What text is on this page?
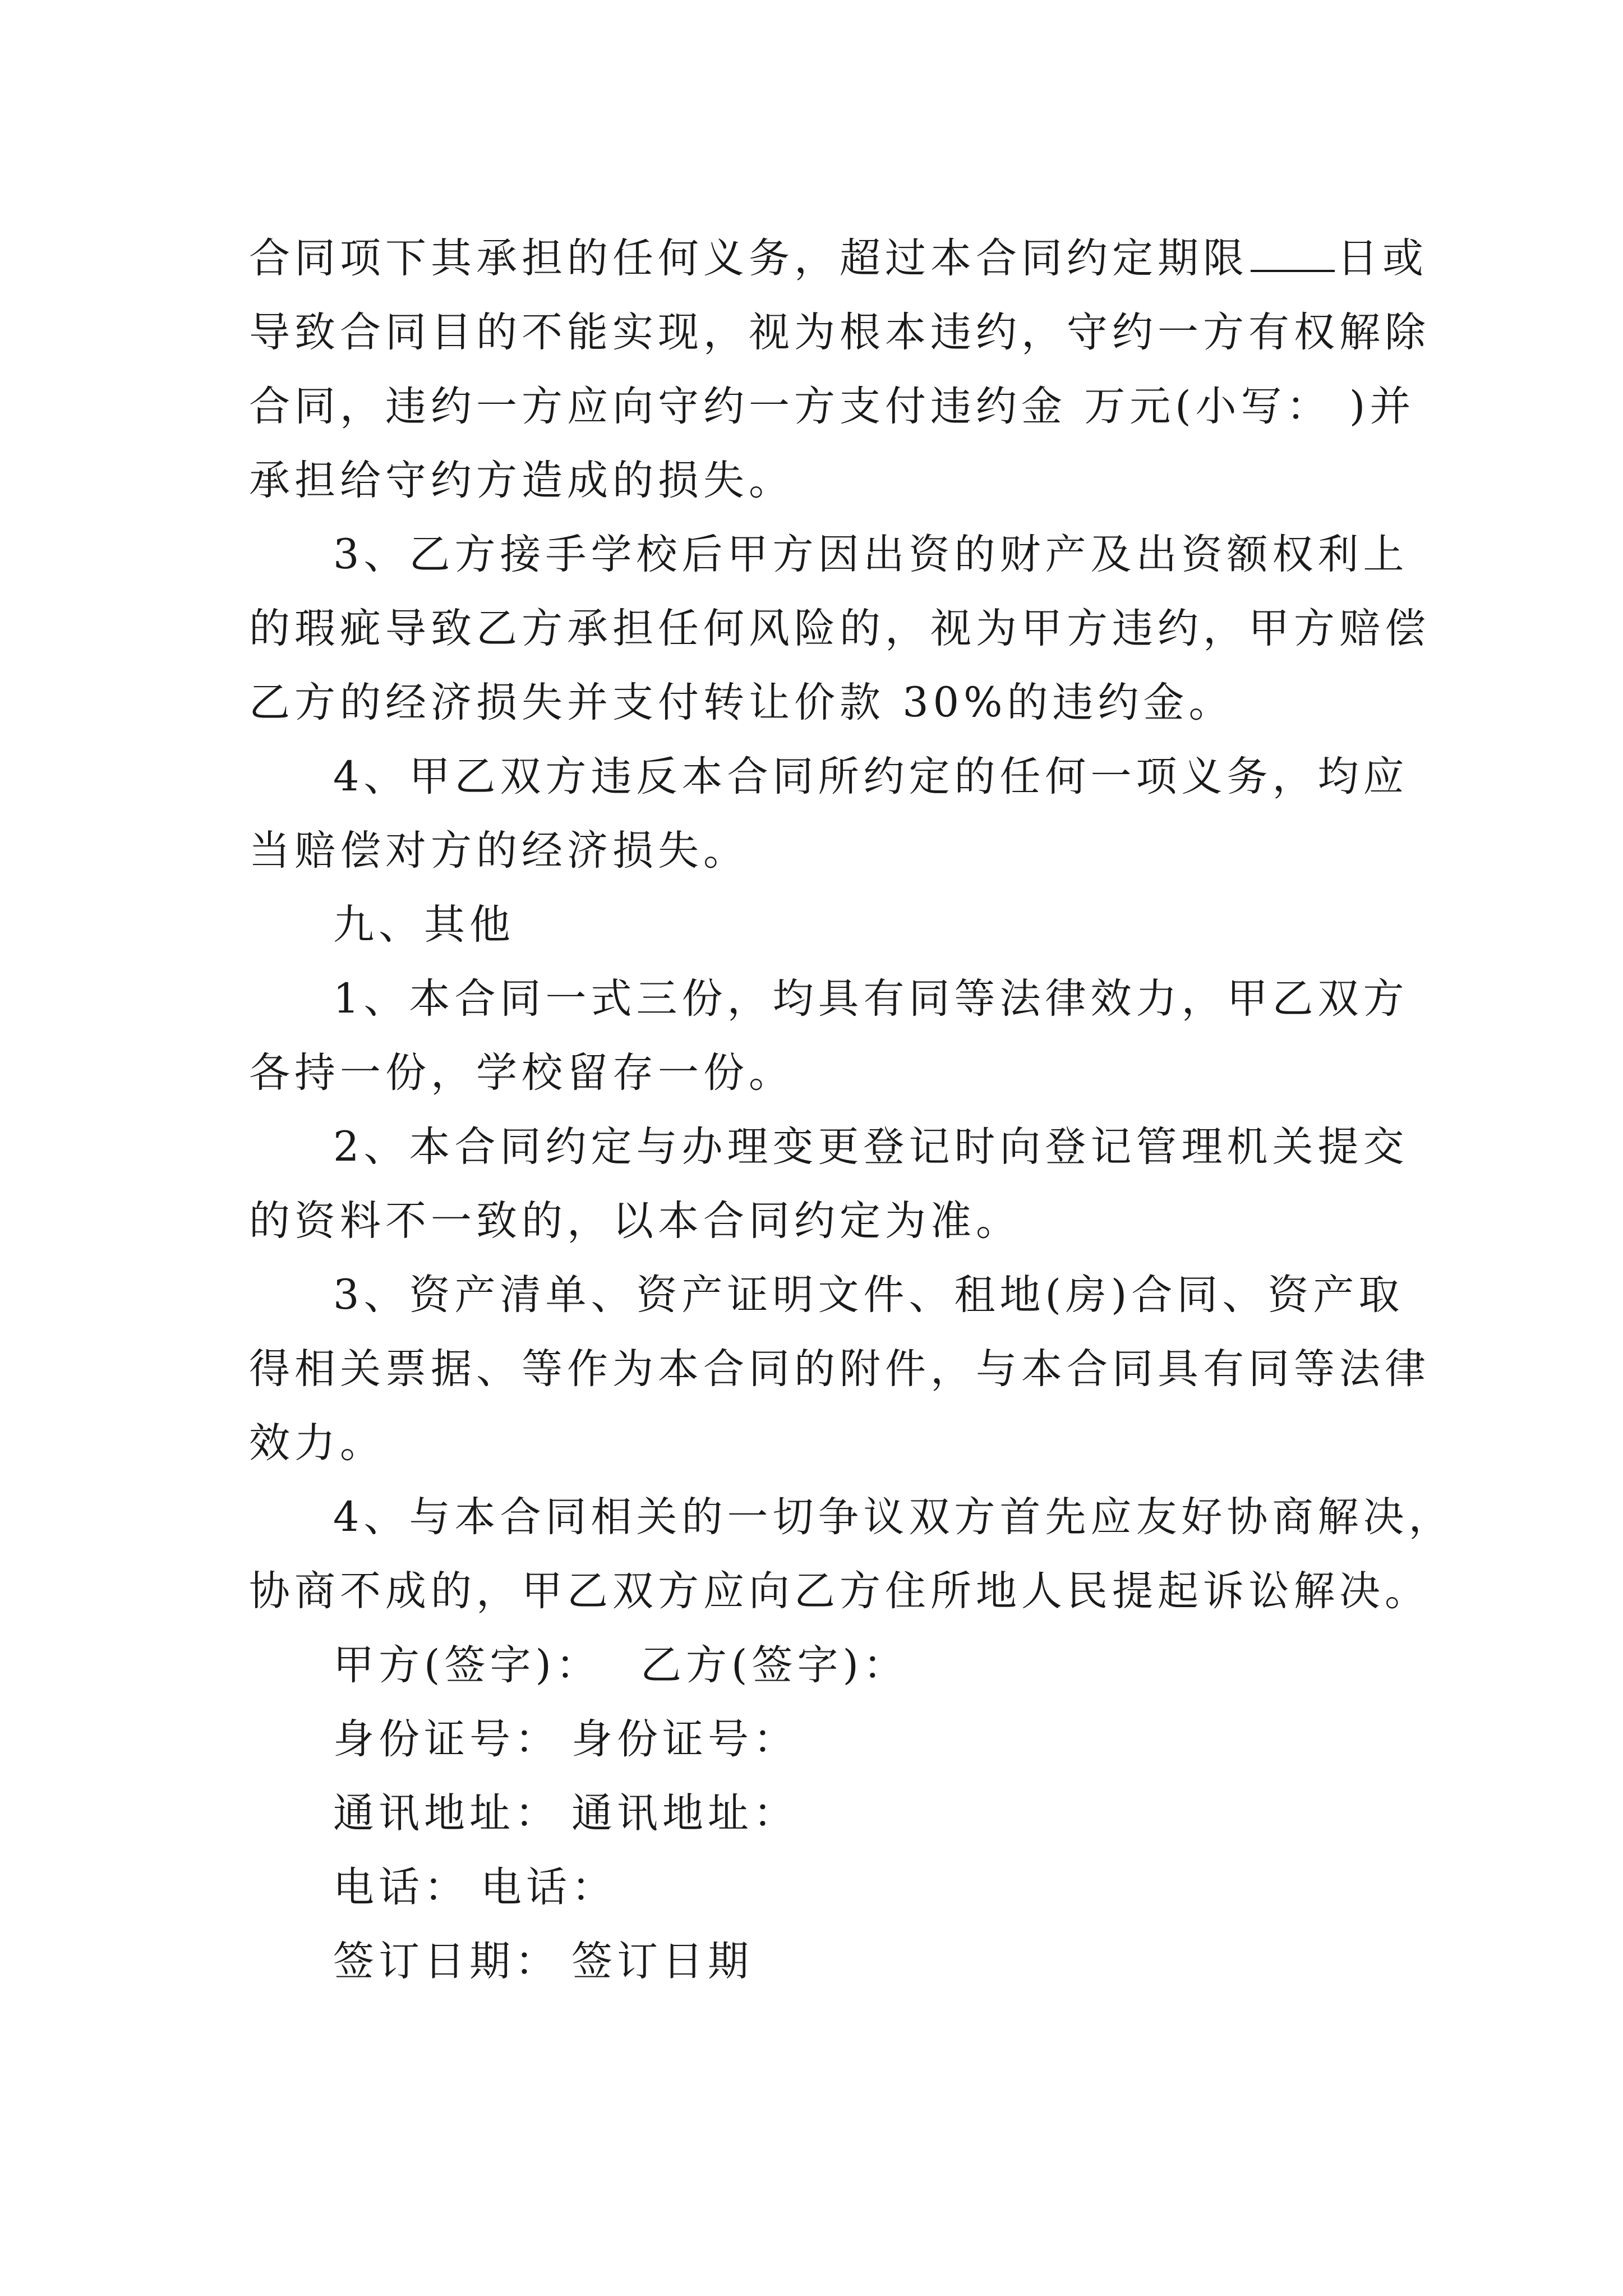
合同项下其承担的任何义务，超过本合同约定期限 日或
导致合同目的不能实现，视为根本违约，守约一方有权解除
合同，违约一方应向守约一方支付违约金 万元(小写： )并
承担给守约方造成的损失。
3、乙方接手学校后甲方因出资的财产及出资额权利上
的瑕疵导致乙方承担任何风险的，视为甲方违约，甲方赔偿
乙方的经济损失并支付转让价款 30%的违约金。
4、甲乙双方违反本合同所约定的任何一项义务，均应
当赔偿对方的经济损失。
九、其他
1、本合同一式三份，均具有同等法律效力，甲乙双方
各持一份，学校留存一份。
2、本合同约定与办理变更登记时向登记管理机关提交
的资料不一致的，以本合同约定为准。
3、资产清单、资产证明文件、租地(房)合同、资产取
得相关票据、等作为本合同的附件，与本合同具有同等法律
效力。
4、与本合同相关的一切争议双方首先应友好协商解决，
协商不成的，甲乙双方应向乙方住所地人民提起诉讼解决。
甲方(签字)： 乙方(签字)：
身份证号： 身份证号：
通讯地址： 通讯地址：
电话： 电话：
签订日期： 签订日期
